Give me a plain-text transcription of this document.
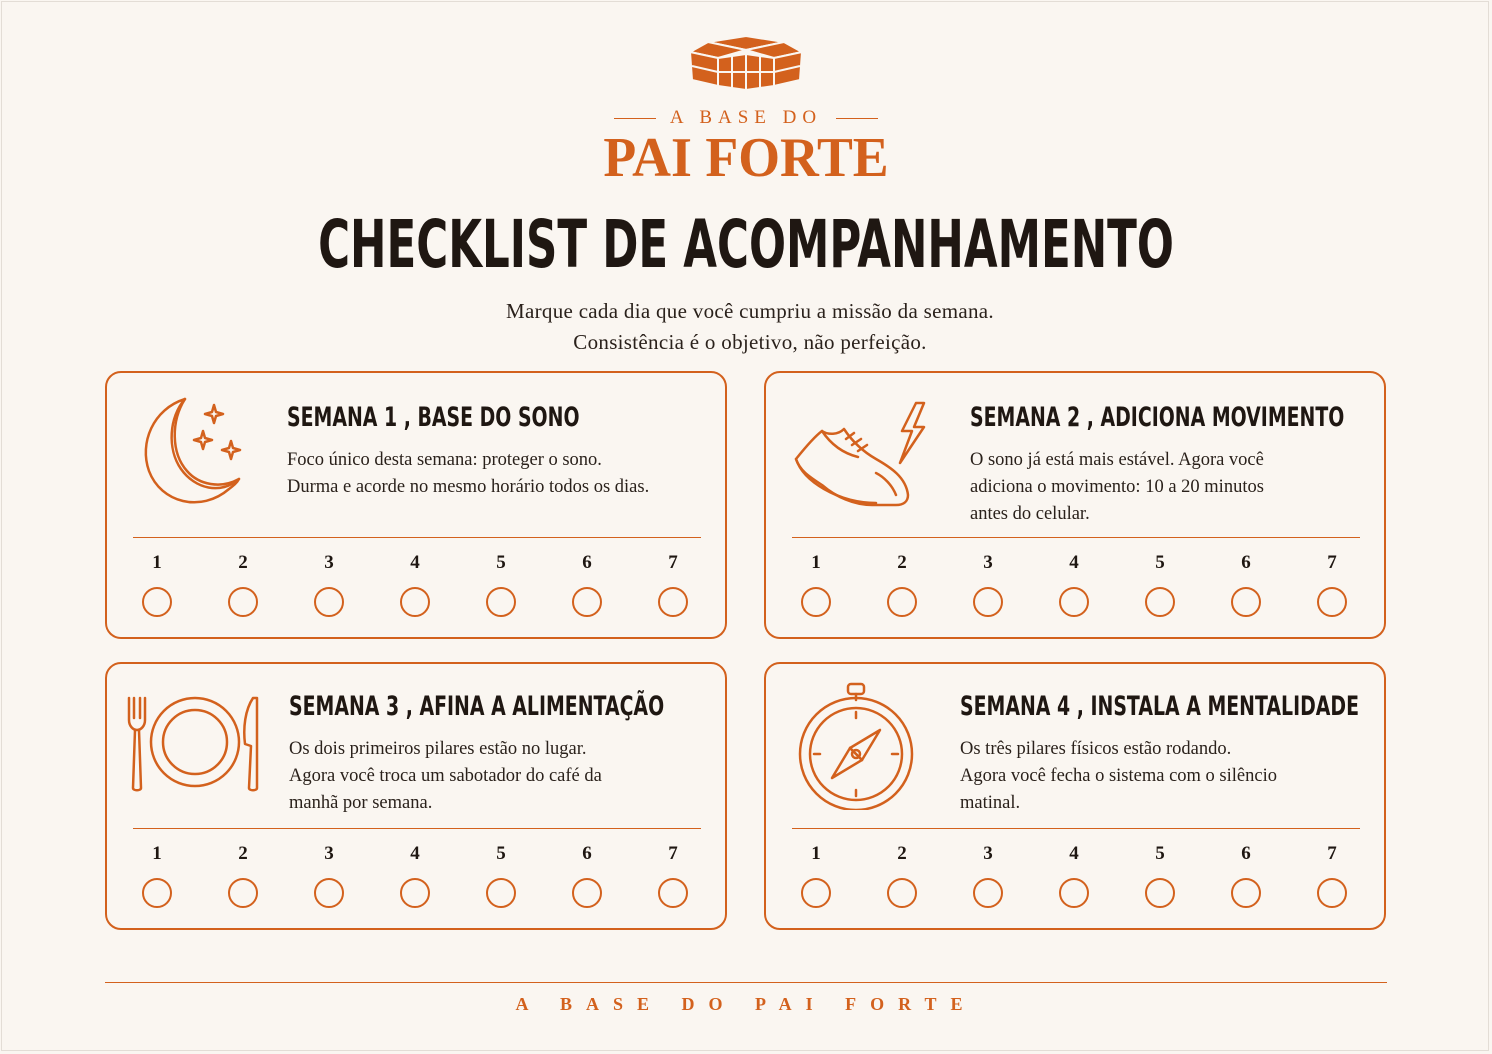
A BASE DO
PAI FORTE
CHECKLIST DE ACOMPANHAMENTO
Marque cada dia que você cumpriu a missão da semana.
Consistência é o objetivo, não perfeição.
SEMANA 1 , BASE DO SONO
Foco único desta semana: proteger o sono.
Durma e acorde no mesmo horário todos os dias.
1	2	3	4	5	6	7
SEMANA 2 , ADICIONA MOVIMENTO
O sono já está mais estável. Agora você
adiciona o movimento: 10 a 20 minutos
antes do celular.
1	2	3	4	5	6	7
SEMANA 3 , AFINA A ALIMENTAÇÃO
Os dois primeiros pilares estão no lugar.
Agora você troca um sabotador do café da
manhã por semana.
1	2	3	4	5	6	7
SEMANA 4 , INSTALA A MENTALIDADE
Os três pilares físicos estão rodando.
Agora você fecha o sistema com o silêncio
matinal.
1	2	3	4	5	6	7
A BASE DO PAI FORTE
